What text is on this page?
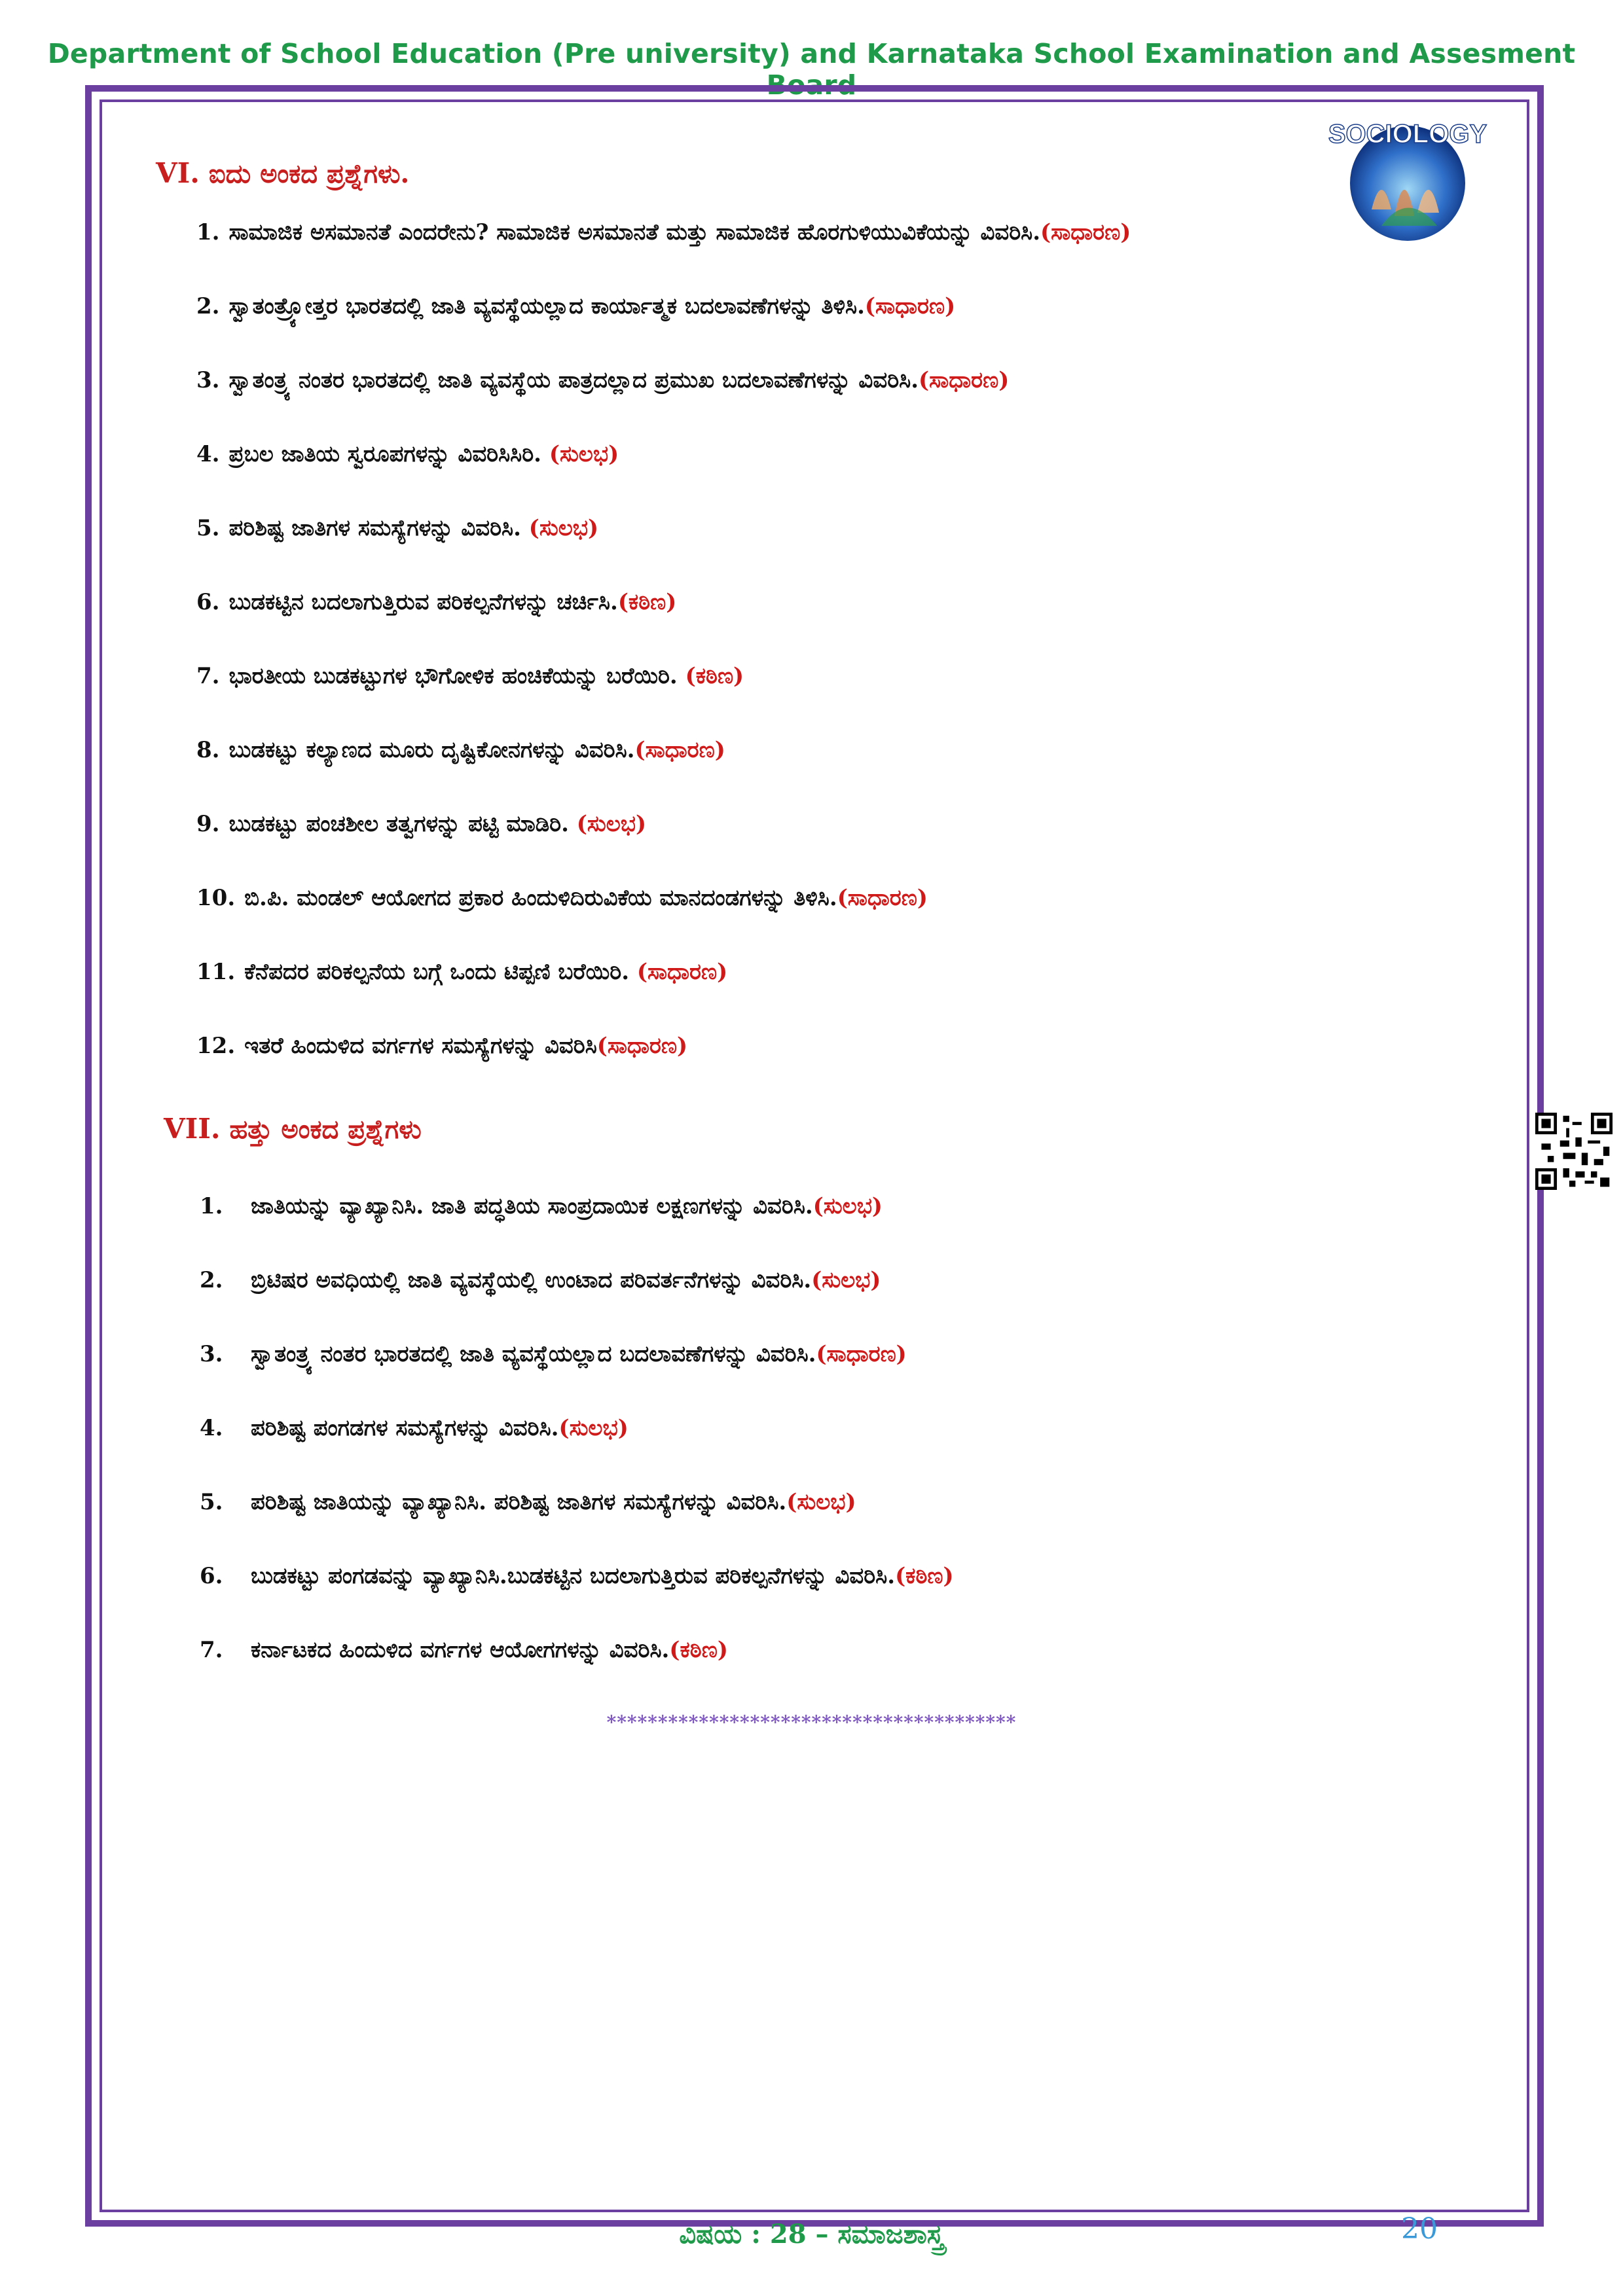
Department of School Education (Pre university) and Karnataka School Examination and Assesment Board
SOCIOLOGY
VI. ಐದು ಅಂಕದ ಪ್ರಶ್ನೆಗಳು.
1. ಸಾಮಾಜಿಕ ಅಸಮಾನತೆ ಎಂದರೇನು? ಸಾಮಾಜಿಕ ಅಸಮಾನತೆ ಮತ್ತು ಸಾಮಾಜಿಕ ಹೊರಗುಳಿಯುವಿಕೆಯನ್ನು ವಿವರಿಸಿ.(ಸಾಧಾರಣ)
2. ಸ್ವಾತಂತ್ರ್ಯೋತ್ತರ ಭಾರತದಲ್ಲಿ ಜಾತಿ ವ್ಯವಸ್ಥೆಯಲ್ಲಾದ ಕಾರ್ಯಾತ್ಮಕ ಬದಲಾವಣೆಗಳನ್ನು ತಿಳಿಸಿ.(ಸಾಧಾರಣ)
3. ಸ್ವಾತಂತ್ರ್ಯ ನಂತರ ಭಾರತದಲ್ಲಿ ಜಾತಿ ವ್ಯವಸ್ಥೆಯ ಪಾತ್ರದಲ್ಲಾದ ಪ್ರಮುಖ ಬದಲಾವಣೆಗಳನ್ನು ವಿವರಿಸಿ.(ಸಾಧಾರಣ)
4. ಪ್ರಬಲ ಜಾತಿಯ ಸ್ವರೂಪಗಳನ್ನು ವಿವರಿಸಿಸಿರಿ. (ಸುಲಭ)
5. ಪರಿಶಿಷ್ಟ ಜಾತಿಗಳ ಸಮಸ್ಯೆಗಳನ್ನು ವಿವರಿಸಿ. (ಸುಲಭ)
6. ಬುಡಕಟ್ಟಿನ ಬದಲಾಗುತ್ತಿರುವ ಪರಿಕಲ್ಪನೆಗಳನ್ನು ಚರ್ಚಿಸಿ.(ಕಠಿಣ)
7. ಭಾರತೀಯ ಬುಡಕಟ್ಟುಗಳ ಭೌಗೋಳಿಕ ಹಂಚಿಕೆಯನ್ನು ಬರೆಯಿರಿ. (ಕಠಿಣ)
8. ಬುಡಕಟ್ಟು ಕಲ್ಯಾಣದ ಮೂರು ದೃಷ್ಟಿಕೋನಗಳನ್ನು ವಿವರಿಸಿ.(ಸಾಧಾರಣ)
9. ಬುಡಕಟ್ಟು ಪಂಚಶೀಲ ತತ್ವಗಳನ್ನು ಪಟ್ಟಿ ಮಾಡಿರಿ. (ಸುಲಭ)
10. ಬಿ.ಪಿ. ಮಂಡಲ್ ಆಯೋಗದ ಪ್ರಕಾರ ಹಿಂದುಳಿದಿರುವಿಕೆಯ ಮಾನದಂಡಗಳನ್ನು ತಿಳಿಸಿ.(ಸಾಧಾರಣ)
11. ಕೆನೆಪದರ ಪರಿಕಲ್ಪನೆಯ ಬಗ್ಗೆ ಒಂದು ಟಿಪ್ಪಣಿ ಬರೆಯಿರಿ. (ಸಾಧಾರಣ)
12. ಇತರೆ ಹಿಂದುಳಿದ ವರ್ಗಗಳ ಸಮಸ್ಯೆಗಳನ್ನು ವಿವರಿಸಿ(ಸಾಧಾರಣ)
VII. ಹತ್ತು ಅಂಕದ ಪ್ರಶ್ನೆಗಳು
1. ಜಾತಿಯನ್ನು ವ್ಯಾಖ್ಯಾನಿಸಿ. ಜಾತಿ ಪದ್ಧತಿಯ ಸಾಂಪ್ರದಾಯಿಕ ಲಕ್ಷಣಗಳನ್ನು ವಿವರಿಸಿ.(ಸುಲಭ)
2. ಬ್ರಿಟಿಷರ ಅವಧಿಯಲ್ಲಿ ಜಾತಿ ವ್ಯವಸ್ಥೆಯಲ್ಲಿ ಉಂಟಾದ ಪರಿವರ್ತನೆಗಳನ್ನು ವಿವರಿಸಿ.(ಸುಲಭ)
3. ಸ್ವಾತಂತ್ರ್ಯ ನಂತರ ಭಾರತದಲ್ಲಿ ಜಾತಿ ವ್ಯವಸ್ಥೆಯಲ್ಲಾದ ಬದಲಾವಣೆಗಳನ್ನು ವಿವರಿಸಿ.(ಸಾಧಾರಣ)
4. ಪರಿಶಿಷ್ಟ ಪಂಗಡಗಳ ಸಮಸ್ಯೆಗಳನ್ನು ವಿವರಿಸಿ.(ಸುಲಭ)
5. ಪರಿಶಿಷ್ಟ ಜಾತಿಯನ್ನು ವ್ಯಾಖ್ಯಾನಿಸಿ. ಪರಿಶಿಷ್ಟ ಜಾತಿಗಳ ಸಮಸ್ಯೆಗಳನ್ನು ವಿವರಿಸಿ.(ಸುಲಭ)
6. ಬುಡಕಟ್ಟು ಪಂಗಡವನ್ನು ವ್ಯಾಖ್ಯಾನಿಸಿ.ಬುಡಕಟ್ಟಿನ ಬದಲಾಗುತ್ತಿರುವ ಪರಿಕಲ್ಪನೆಗಳನ್ನು ವಿವರಿಸಿ.(ಕಠಿಣ)
7. ಕರ್ನಾಟಕದ ಹಿಂದುಳಿದ ವರ್ಗಗಳ ಆಯೋಗಗಳನ್ನು ವಿವರಿಸಿ.(ಕಠಿಣ)
****************************************
ವಿಷಯ : 28 – ಸಮಾಜಶಾಸ್ತ್ರ	20
